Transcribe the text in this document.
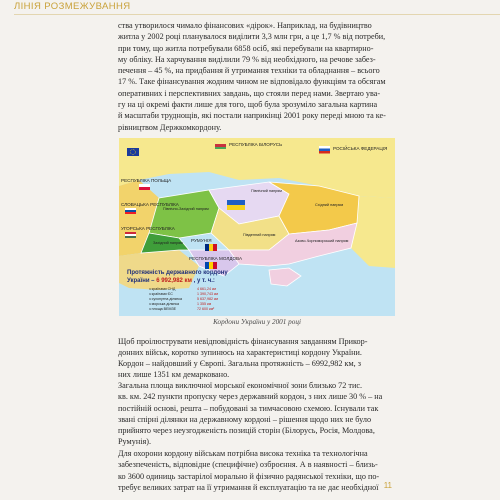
ЛІНІЯ РОЗМЕЖУВАННЯ
ства утворилося чимало фінансових «дірок». Наприклад, на будівництво
житла у 2002 році планувалося виділити 3,3 млн грн, а це 1,7 % від потреби,
при тому, що житла потребували 6858 осіб, які перебували на квартирно-
му обліку. На харчування виділили 79 % від необхідного, на речове забез-
печення – 45 %, на придбання й утримання техніки та обладнання – всього
17 %. Таке фінансування жодним чином не відповідало функціям та обсягам
оперативних і перспективних завдань, що стояли перед нами. Звертаю ува-
гу на ці окремі факти лише для того, щоб була зрозуміло загальна картина
й масштаби труднощів, які постали наприкінці 2001 року переді мною та ке-
рівництвом Держкомкордону.
РЕСПУБЛІКА БІЛОРУСЬ
РОСІЙСЬКА ФЕДЕРАЦІЯ
РЕСПУБЛІКА ПОЛЬЩА
СЛОВАЦЬКА РЕСПУБЛІКА
УГОРСЬКА РЕСПУБЛІКА
РУМУНІЯ
РЕСПУБЛІКА МОЛДОВА
Північно-Західний напрям
Західний напрям
Південний напрям
Азово-Чорноморський напрям
Східний напрям
Північний напрям
Протяжність державного кордону
України – 6 992,982 км , у т. ч.:
з країнами СНД	4 661,24 км
з країнами ЄС	1 390,743 км
з сухопутна ділянка	5 637,982 км
з морська ділянка	1 355 км
з площа ВЕМЗЕ	72 600 км²
Кордони України у 2001 році
Щоб проілюструвати невідповідність фінансування завданням Прикор-
донних військ, коротко зупинюсь на характеристиці кордону України.
Кордон – найдовший у Європі. Загальна протяжність – 6992,982 км, з
них лише 1351 км демарковано.
Загальна площа виключної морської економічної зони близько 72 тис.
кв. км. 242 пункти пропуску через державний кордон, з них лише 30 % – на
постійній основі, решта – побудовані за тимчасовою схемою. Існували так
звані спірні ділянки на державному кордоні – рішення щодо них не було
прийнято через неузгодженість позицій сторін (Білорусь, Росія, Молдова,
Румунія).
Для охорони кордону військам потрібна висока техніка та технологічна
забезпеченість, відповідне (специфічне) озброєння. А в наявності – близь-
ко 3600 одиниць застарілої морально й фізично радянської техніки, що по-
требує великих затрат на її утримання й експлуатацію та не дає необхідної 11
